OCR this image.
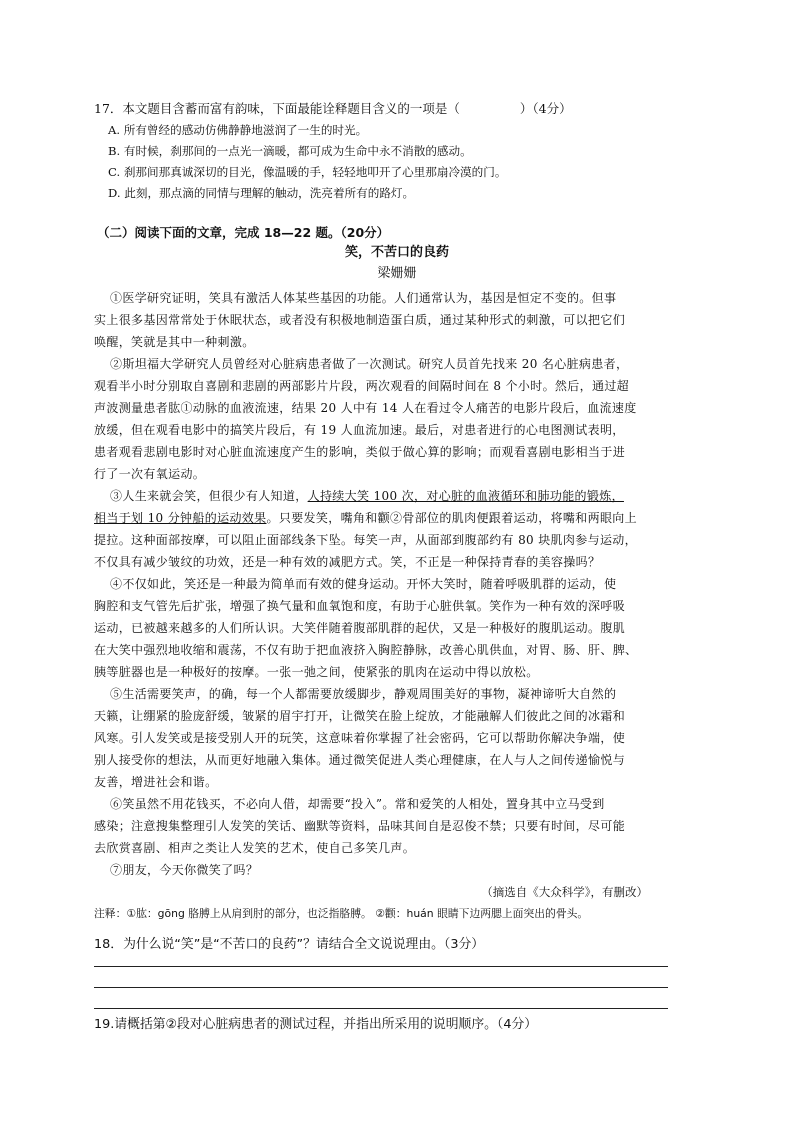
17．本文题目含蓄而富有韵味，下面最能诠释题目含义的一项是（	）（4分）
A. 所有曾经的感动仿佛静静地滋润了一生的时光。
B. 有时候，刹那间的一点光一滴暖，都可成为生命中永不消散的感动。
C. 刹那间那真诚深切的目光，像温暖的手，轻轻地叩开了心里那扇冷漠的门。
D. 此刻，那点滴的同情与理解的触动，洗亮着所有的路灯。
（二）阅读下面的文章，完成 18—22 题。（20分）
笑，不苦口的良药
梁姗姗
①医学研究证明，笑具有激活人体某些基因的功能。人们通常认为，基因是恒定不变的。但事
实上很多基因常常处于休眠状态，或者没有积极地制造蛋白质，通过某种形式的刺激，可以把它们
唤醒，笑就是其中一种刺激。
②斯坦福大学研究人员曾经对心脏病患者做了一次测试。研究人员首先找来 20 名心脏病患者，
观看半小时分别取自喜剧和悲剧的两部影片片段，两次观看的间隔时间在 8 个小时。然后，通过超
声波测量患者肱①动脉的血液流速，结果 20 人中有 14 人在看过令人痛苦的电影片段后，血流速度
放缓，但在观看电影中的搞笑片段后，有 19 人血流加速。最后，对患者进行的心电图测试表明，
患者观看悲剧电影时对心脏血流速度产生的影响，类似于做心算的影响；而观看喜剧电影相当于进
行了一次有氧运动。
③人生来就会笑，但很少有人知道，人持续大笑 100 次，对心脏的血液循环和肺功能的锻炼，
相当于划 10 分钟船的运动效果。只要发笑，嘴角和颧②骨部位的肌肉便跟着运动，将嘴和两眼向上
提拉。这种面部按摩，可以阻止面部线条下坠。每笑一声，从面部到腹部约有 80 块肌肉参与运动，
不仅具有减少皱纹的功效，还是一种有效的减肥方式。笑，不正是一种保持青春的美容操吗？
④不仅如此，笑还是一种最为简单而有效的健身运动。开怀大笑时，随着呼吸肌群的运动，使
胸腔和支气管先后扩张，增强了换气量和血氧饱和度，有助于心脏供氧。笑作为一种有效的深呼吸
运动，已被越来越多的人们所认识。大笑伴随着腹部肌群的起伏，又是一种极好的腹肌运动。腹肌
在大笑中强烈地收缩和震荡，不仅有助于把血液挤入胸腔静脉，改善心肌供血，对胃、肠、肝、脾、
胰等脏器也是一种极好的按摩。一张一弛之间，使紧张的肌肉在运动中得以放松。
⑤生活需要笑声，的确，每一个人都需要放缓脚步，静观周围美好的事物，凝神谛听大自然的
天籁，让绷紧的脸庞舒缓，皱紧的眉宇打开，让微笑在脸上绽放，才能融解人们彼此之间的冰霜和
风寒。引人发笑或是接受别人开的玩笑，这意味着你掌握了社会密码，它可以帮助你解决争端，使
别人接受你的想法，从而更好地融入集体。通过微笑促进人类心理健康，在人与人之间传递愉悦与
友善，增进社会和谐。
⑥笑虽然不用花钱买，不必向人借，却需要“投入”。常和爱笑的人相处，置身其中立马受到
感染；注意搜集整理引人发笑的笑话、幽默等资料，品味其间自是忍俊不禁；只要有时间，尽可能
去欣赏喜剧、相声之类让人发笑的艺术，使自己多笑几声。
⑦朋友，今天你微笑了吗？
（摘选自《大众科学》，有删改）
注释：①肱：gōng 胳膊上从肩到肘的部分，也泛指胳膊。 ②颧：huán 眼睛下边两腮上面突出的骨头。
18．为什么说“笑”是“不苦口的良药”？请结合全文说说理由。（3分）
19.请概括第②段对心脏病患者的测试过程，并指出所采用的说明顺序。（4分）
